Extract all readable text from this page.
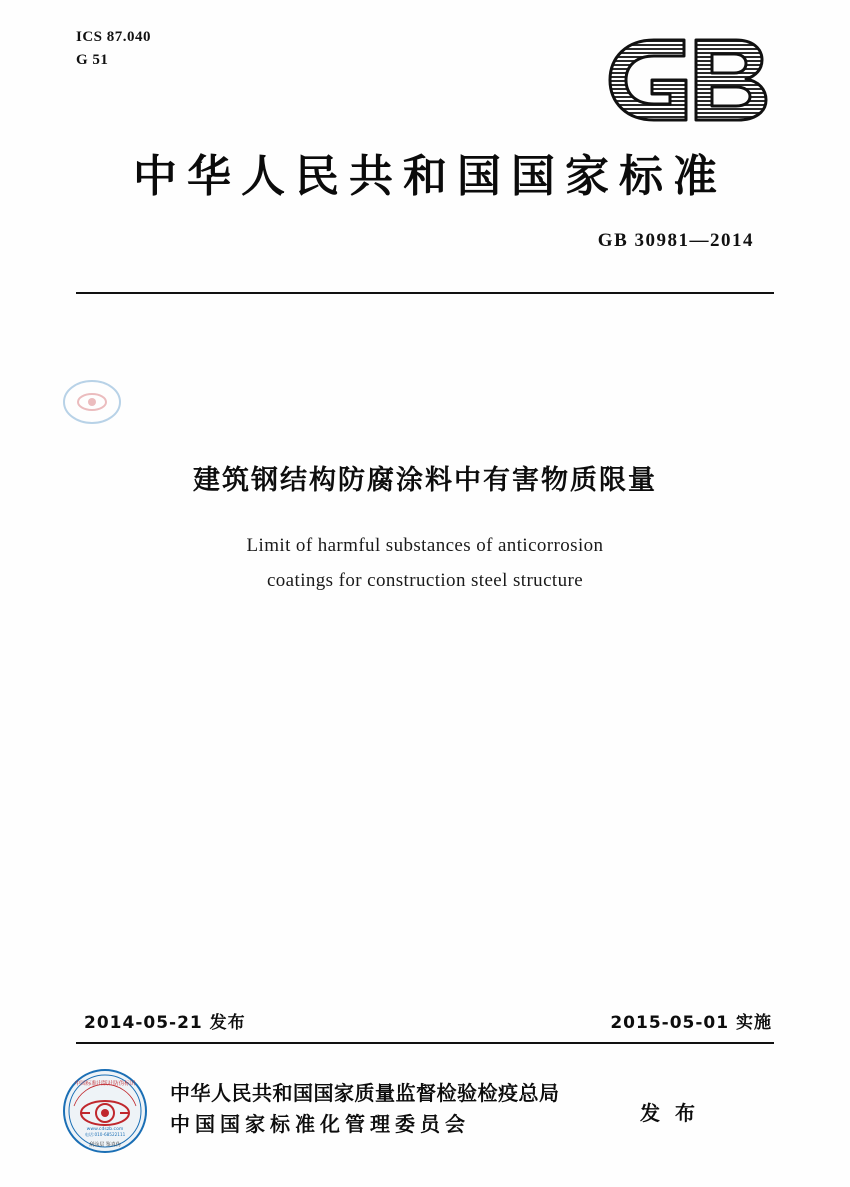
ICS 87.040
G 51
中华人民共和国国家标准
GB 30981—2014
建筑钢结构防腐涂料中有害物质限量
Limit of harmful substances of anticorrosion
coatings for construction steel structure
2014-05-21 发布	2015-05-01 实施
中国标准出版社防伪标识
www.cdszb.com
电话:010-68522111
刮涂层 鉴真伪
中华人民共和国国家质量监督检验检疫总局
中国国家标准化管理委员会	发 布
